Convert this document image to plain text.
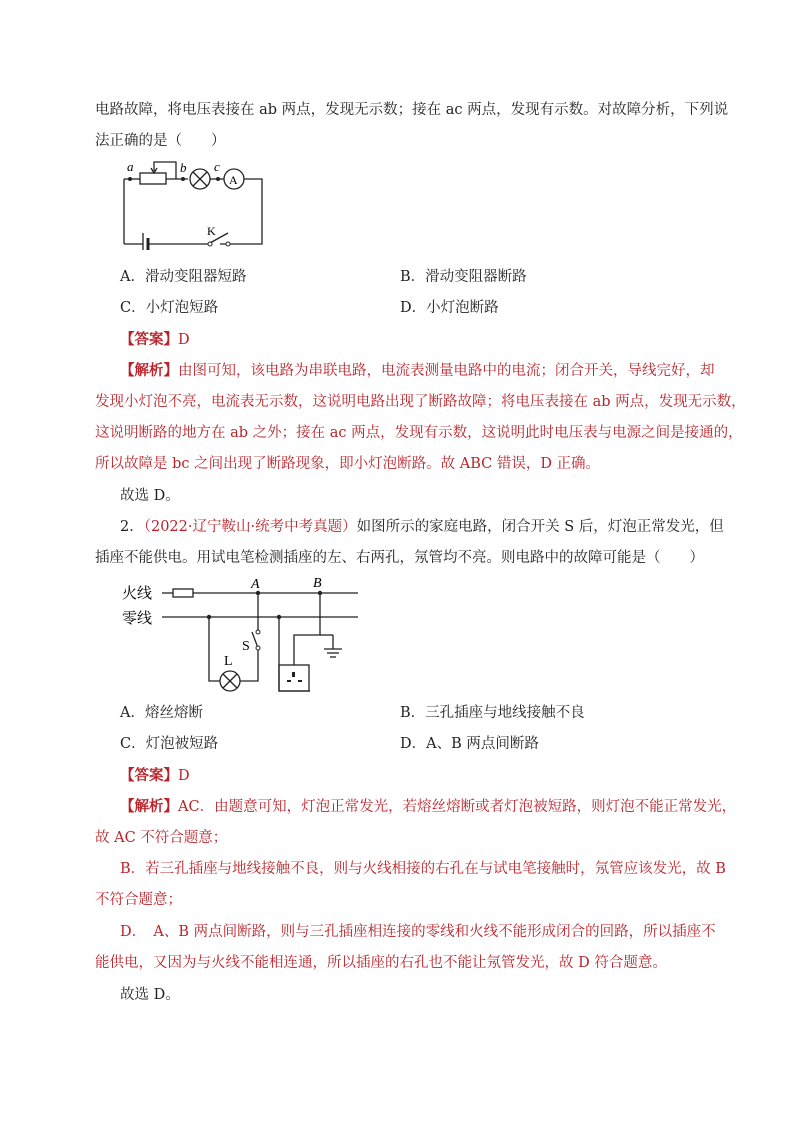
电路故障，将电压表接在 ab 两点，发现无示数；接在 ac 两点，发现有示数。对故障分析，下列说
法正确的是（　　）
a	b c
A
K
A．滑动变阻器短路	B．滑动变阻器断路
C．小灯泡短路	D．小灯泡断路
【答案】D
【解析】由图可知，该电路为串联电路，电流表测量电路中的电流；闭合开关，导线完好，却
发现小灯泡不亮，电流表无示数，这说明电路出现了断路故障；将电压表接在 ab 两点，发现无示数，
这说明断路的地方在 ab 之外；接在 ac 两点，发现有示数，这说明此时电压表与电源之间是接通的，
所以故障是 bc 之间出现了断路现象，即小灯泡断路。故 ABC 错误，D 正确。
故选 D。
2．（2022·辽宁鞍山·统考中考真题）如图所示的家庭电路，闭合开关 S 后，灯泡正常发光，但
插座不能供电。用试电笔检测插座的左、右两孔，氖管均不亮。则电路中的故障可能是（　　）
火线
零线
A	B
L
S
A．熔丝熔断	B．三孔插座与地线接触不良
C．灯泡被短路	D．A、B 两点间断路
【答案】D
【解析】AC．由题意可知，灯泡正常发光，若熔丝熔断或者灯泡被短路，则灯泡不能正常发光，
故 AC 不符合题意；
B．若三孔插座与地线接触不良，则与火线相接的右孔在与试电笔接触时，氖管应该发光，故 B
不符合题意；
D．　A、B 两点间断路，则与三孔插座相连接的零线和火线不能形成闭合的回路，所以插座不
能供电，又因为与火线不能相连通，所以插座的右孔也不能让氖管发光，故 D 符合题意。
故选 D。
